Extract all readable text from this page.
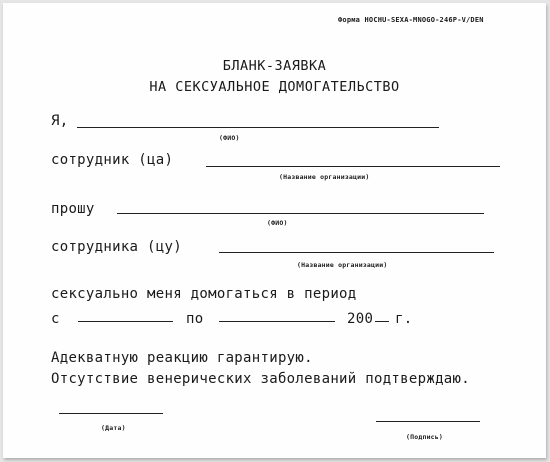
Форма HOCHU-SEXA-MNOGO-246P-V/DEN
БЛАНК-ЗАЯВКА
НА СЕКСУАЛЬНОЕ ДОМОГАТЕЛЬСТВО
Я,
(ФИО)
сотрудник (ца)
(Название организации)
прошу
(ФИО)
сотрудника (цу)
(Название организации)
сексуально меня домогаться в период
с	по	200 г.
Адекватную реакцию гарантирую.
Отсутствие венерических заболеваний подтверждаю.
(Дата)
(Подпись)
